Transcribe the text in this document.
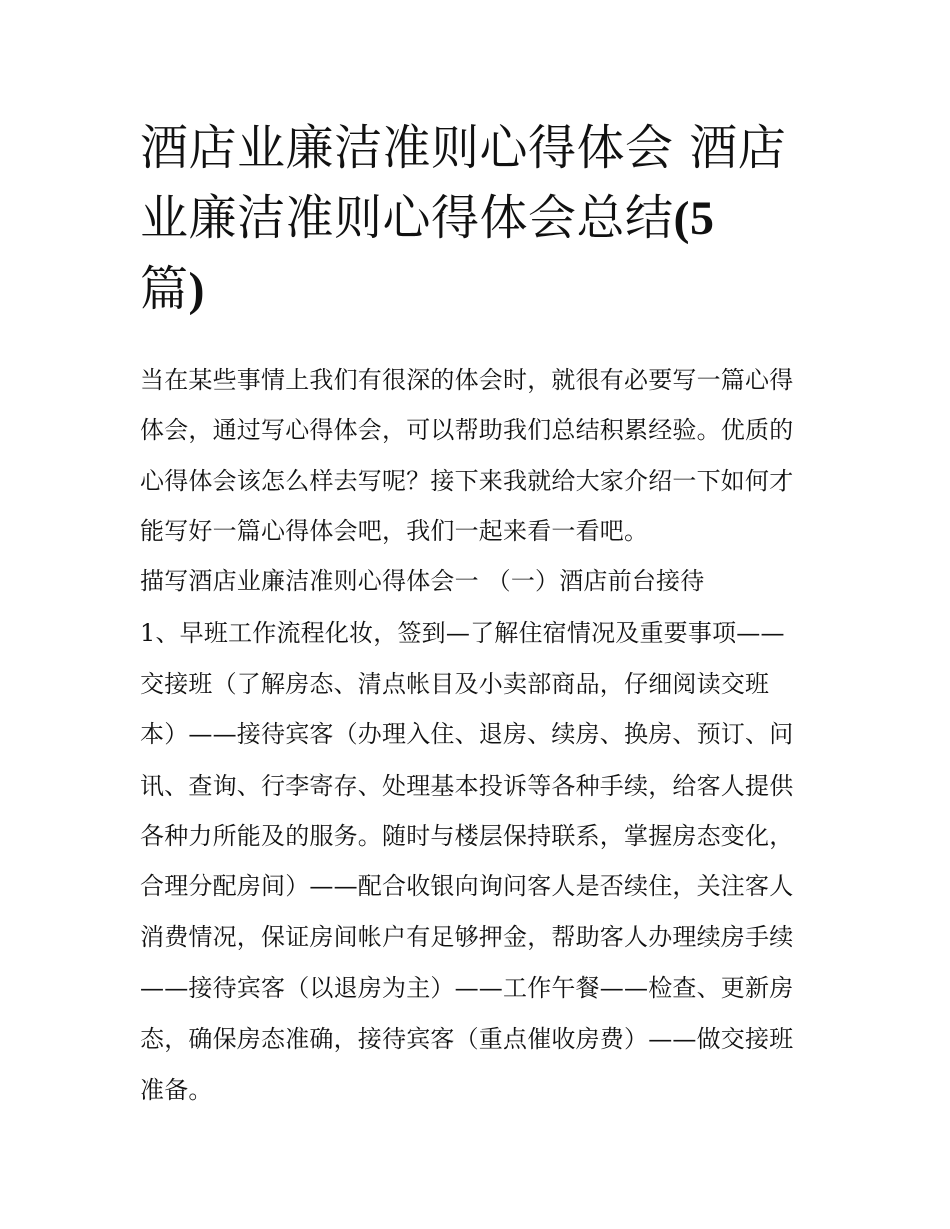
酒店业廉洁准则心得体会 酒店
业廉洁准则心得体会总结(5
篇)

当在某些事情上我们有很深的体会时，就很有必要写一篇心得

体会，通过写心得体会，可以帮助我们总结积累经验。优质的

心得体会该怎么样去写呢？接下来我就给大家介绍一下如何才

能写好一篇心得体会吧，我们一起来看一看吧。

描写酒店业廉洁准则心得体会一 （一）酒店前台接待

1、早班工作流程化妆，签到—了解住宿情况及重要事项——

交接班（了解房态、清点帐目及小卖部商品，仔细阅读交班

本）——接待宾客（办理入住、退房、续房、换房、预订、问

讯、查询、行李寄存、处理基本投诉等各种手续，给客人提供

各种力所能及的服务。随时与楼层保持联系，掌握房态变化，

合理分配房间）——配合收银向询问客人是否续住，关注客人

消费情况，保证房间帐户有足够押金，帮助客人办理续房手续

——接待宾客（以退房为主）——工作午餐——检查、更新房

态，确保房态准确，接待宾客（重点催收房费）——做交接班

准备。
